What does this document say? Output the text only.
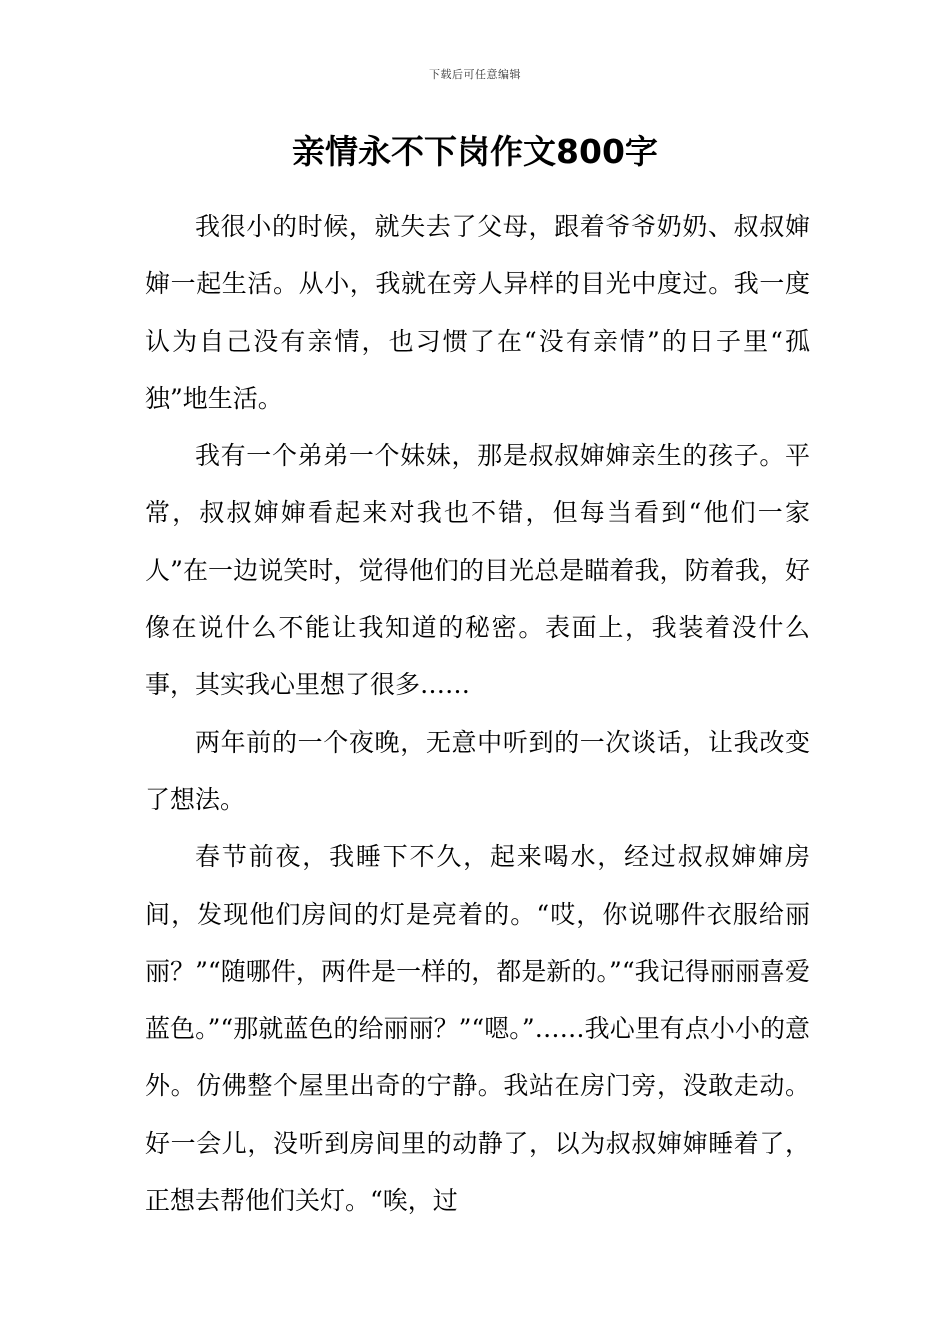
下载后可任意编辑
亲情永不下岗作文800字

我很小的时候，就失去了父母，跟着爷爷奶奶、叔叔婶婶一起生活。从小，我就在旁人异样的目光中度过。我一度认为自己没有亲情，也习惯了在“没有亲情”的日子里“孤独”地生活。

我有一个弟弟一个妹妹，那是叔叔婶婶亲生的孩子。平常，叔叔婶婶看起来对我也不错，但每当看到“他们一家人”在一边说笑时，觉得他们的目光总是瞄着我，防着我，好像在说什么不能让我知道的秘密。表面上，我装着没什么事，其实我心里想了很多……

两年前的一个夜晚，无意中听到的一次谈话，让我改变了想法。

春节前夜，我睡下不久，起来喝水，经过叔叔婶婶房间，发现他们房间的灯是亮着的。“哎，你说哪件衣服给丽丽？”“随哪件，两件是一样的，都是新的。”“我记得丽丽喜爱蓝色。”“那就蓝色的给丽丽？”“嗯。”……我心里有点小小的意外。仿佛整个屋里出奇的宁静。我站在房门旁，没敢走动。好一会儿，没听到房间里的动静了，以为叔叔婶婶睡着了，正想去帮他们关灯。“唉，过
